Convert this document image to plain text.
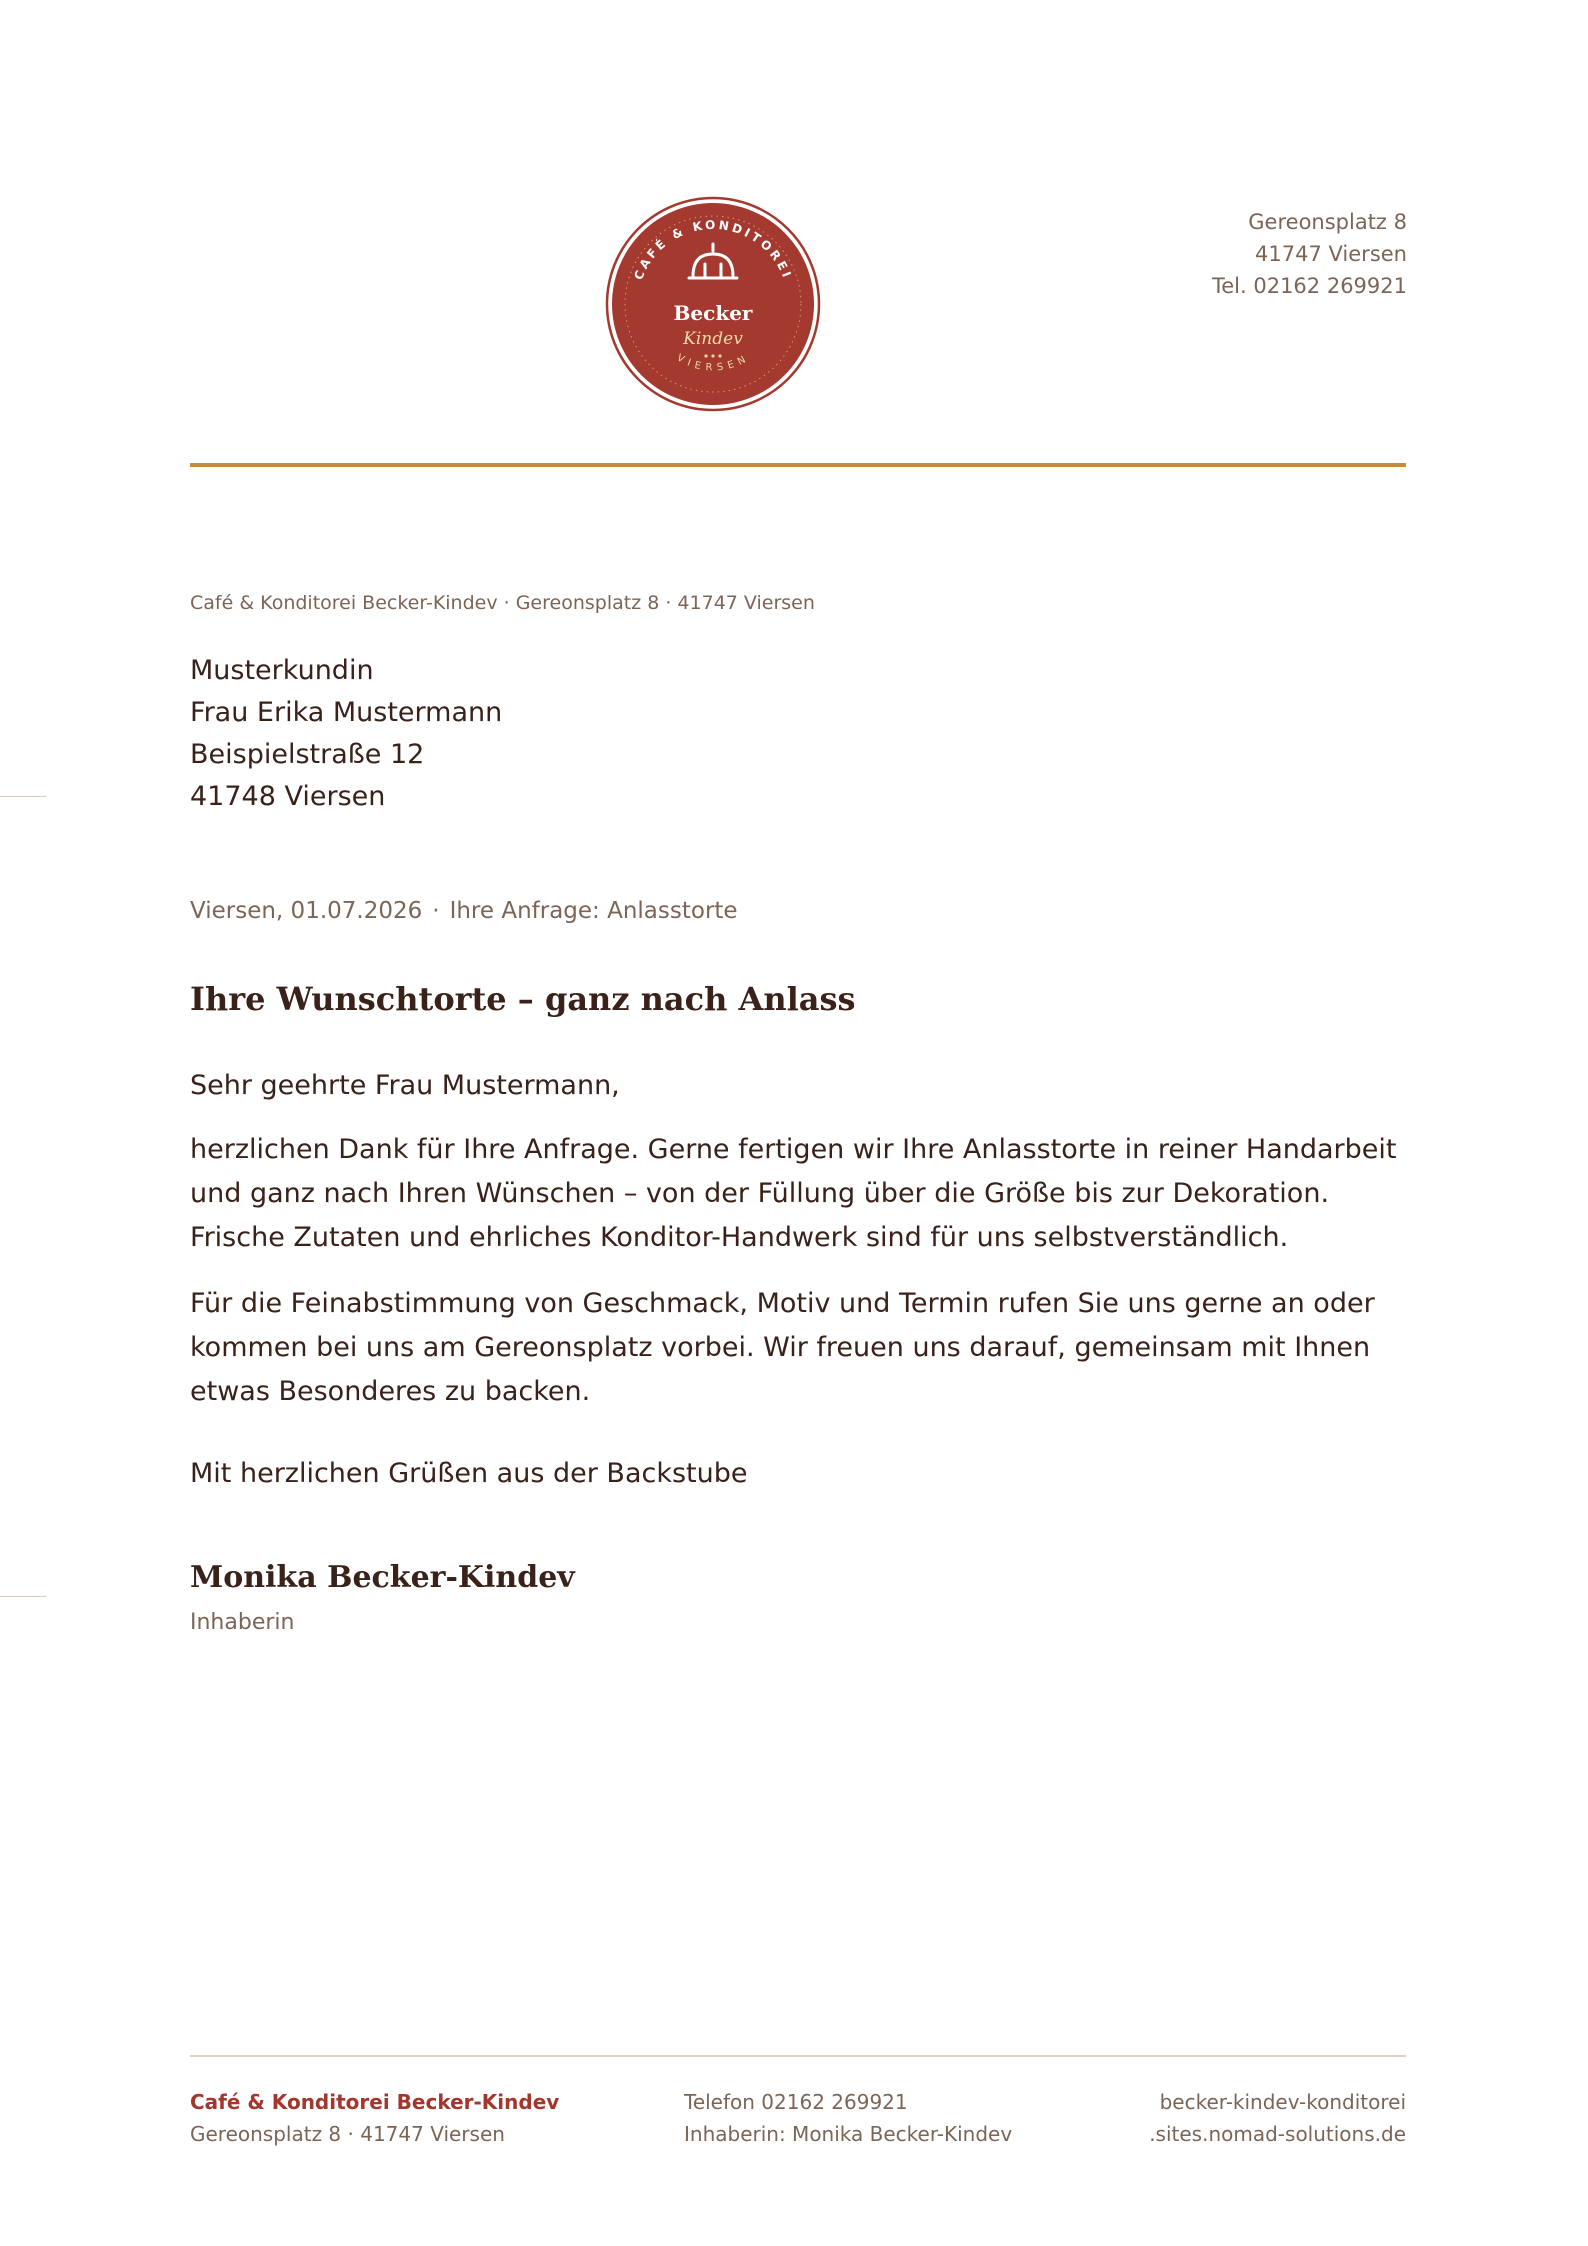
CAFÉ & KONDITOREI
VIERSEN
Becker
Kindev
Gereonsplatz 8
41747 Viersen
Tel. 02162 269921
Café & Konditorei Becker-Kindev · Gereonsplatz 8 · 41747 Viersen
Musterkundin
Frau Erika Mustermann
Beispielstraße 12
41748 Viersen
Viersen, 01.07.2026 · Ihre Anfrage: Anlasstorte
Ihre Wunschtorte – ganz nach Anlass

Sehr geehrte Frau Mustermann,

herzlichen Dank für Ihre Anfrage. Gerne fertigen wir Ihre Anlasstorte in reiner Handarbeit und ganz nach Ihren Wünschen – von der Füllung über die Größe bis zur Dekoration. Frische Zutaten und ehrliches Konditor-Handwerk sind für uns selbstverständlich.

Für die Feinabstimmung von Geschmack, Motiv und Termin rufen Sie uns gerne an oder kommen bei uns am Gereonsplatz vorbei. Wir freuen uns darauf, gemeinsam mit Ihnen etwas Besonderes zu backen.

Mit herzlichen Grüßen aus der Backstube

Monika Becker-Kindev
Inhaberin
Café & Konditorei Becker-Kindev
Gereonsplatz 8 · 41747 Viersen
Telefon 02162 269921
Inhaberin: Monika Becker-Kindev
becker-kindev-konditorei
.sites.nomad-solutions.de
